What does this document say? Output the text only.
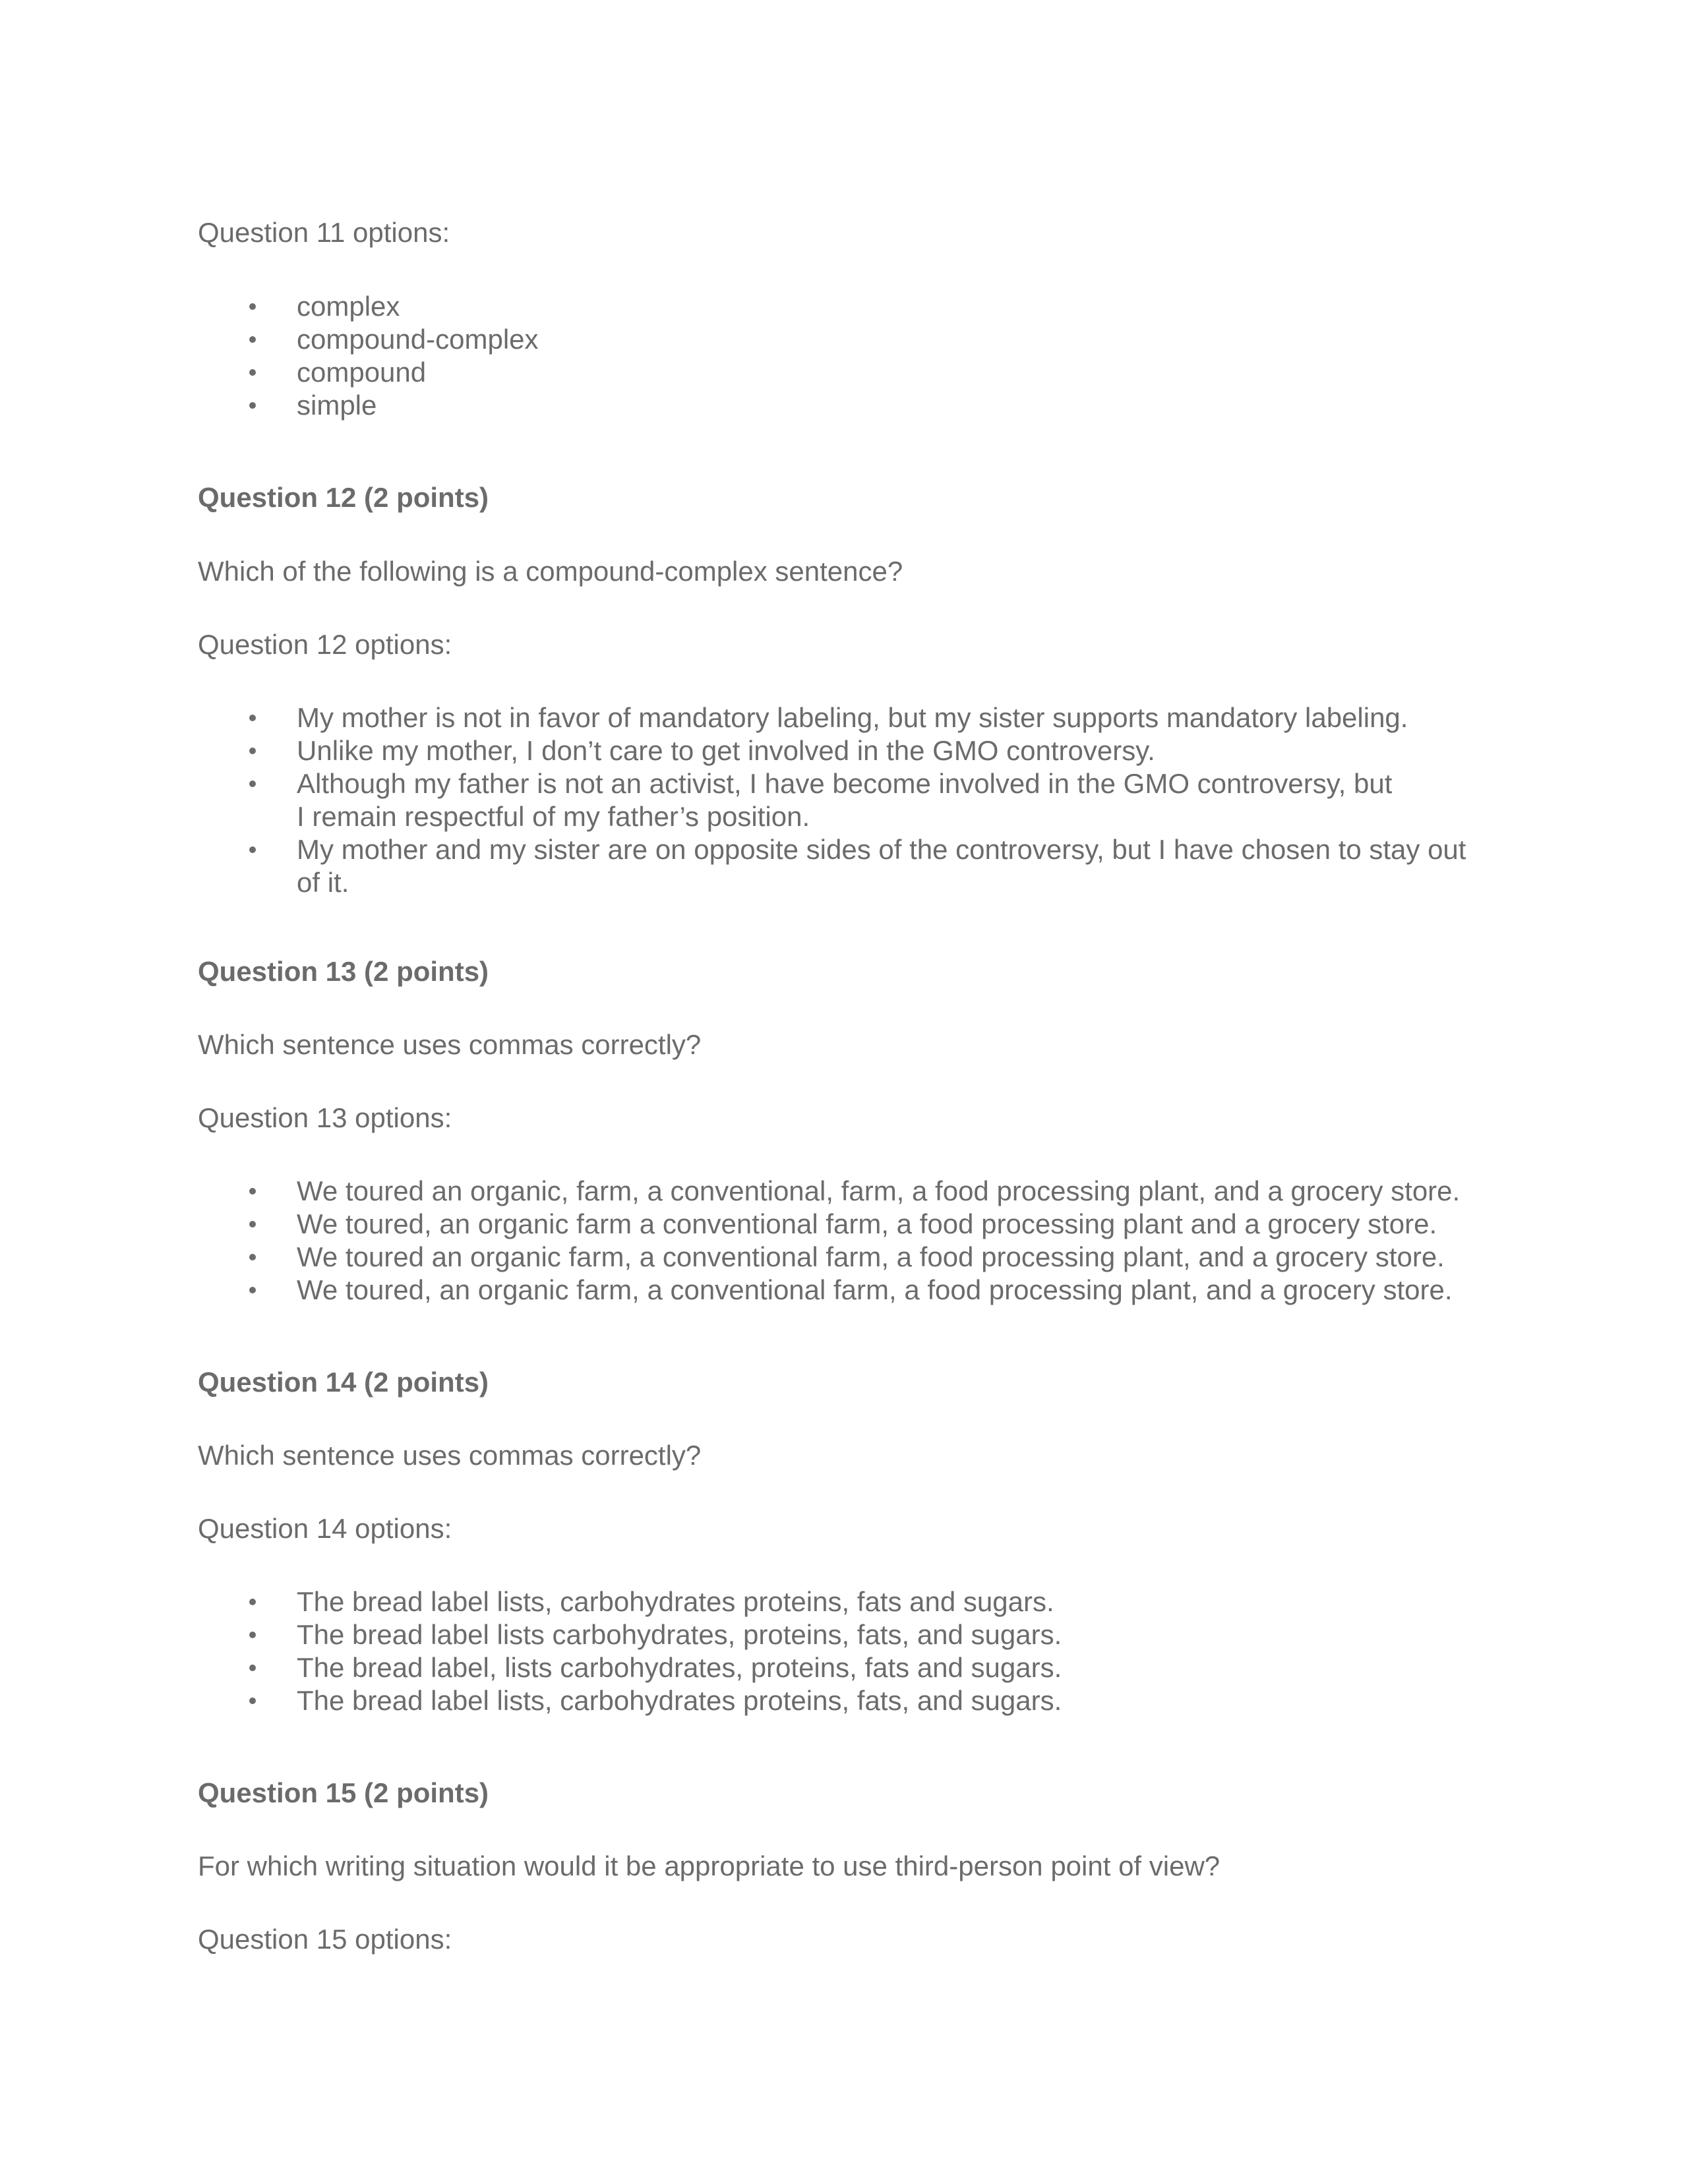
Question 11 options:

complex
compound-complex
compound
simple

Question 12 (2 points)

Which of the following is a compound-complex sentence?

Question 12 options:

My mother is not in favor of mandatory labeling, but my sister supports mandatory labeling.
Unlike my mother, I don’t care to get involved in the GMO controversy.
Although my father is not an activist, I have become involved in the GMO controversy, but I remain respectful of my father’s position.
My mother and my sister are on opposite sides of the controversy, but I have chosen to stay out of it.

Question 13 (2 points)

Which sentence uses commas correctly?

Question 13 options:

We toured an organic, farm, a conventional, farm, a food processing plant, and a grocery store.
We toured, an organic farm a conventional farm, a food processing plant and a grocery store.
We toured an organic farm, a conventional farm, a food processing plant, and a grocery store.
We toured, an organic farm, a conventional farm, a food processing plant, and a grocery store.

Question 14 (2 points)

Which sentence uses commas correctly?

Question 14 options:

The bread label lists, carbohydrates proteins, fats and sugars.
The bread label lists carbohydrates, proteins, fats, and sugars.
The bread label, lists carbohydrates, proteins, fats and sugars.
The bread label lists, carbohydrates proteins, fats, and sugars.

Question 15 (2 points)

For which writing situation would it be appropriate to use third-person point of view?

Question 15 options:
